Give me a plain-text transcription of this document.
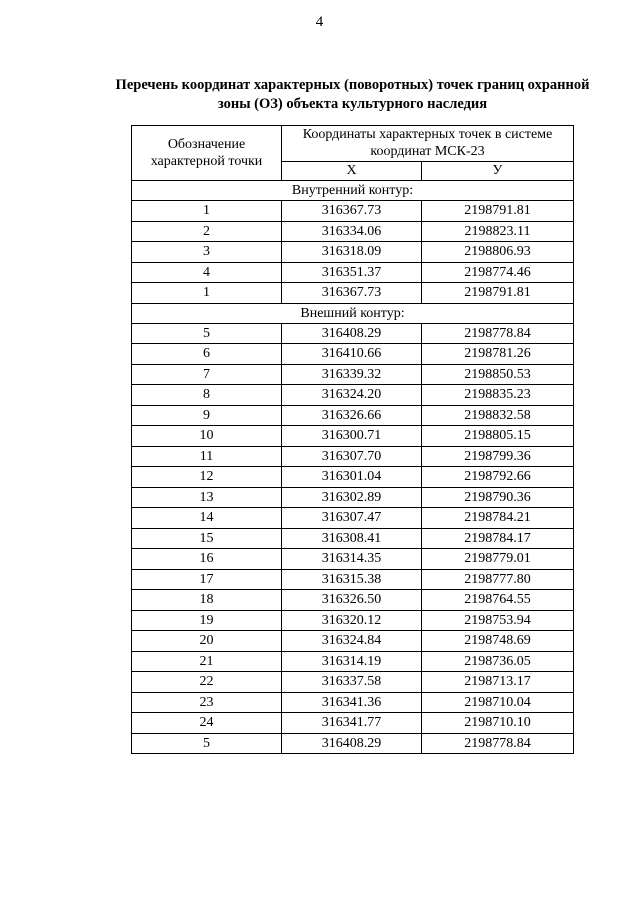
4
Перечень координат характерных (поворотных) точек границ охранной
зоны (ОЗ) объекта культурного наследия
Обозначение характерной точки	Координаты характерных точек в системе координат МСК-23	
	X	У
Внутренний контур:		
1	316367.73	2198791.81
2	316334.06	2198823.11
3	316318.09	2198806.93
4	316351.37	2198774.46
1	316367.73	2198791.81
Внешний контур:		
5	316408.29	2198778.84
6	316410.66	2198781.26
7	316339.32	2198850.53
8	316324.20	2198835.23
9	316326.66	2198832.58
10	316300.71	2198805.15
11	316307.70	2198799.36
12	316301.04	2198792.66
13	316302.89	2198790.36
14	316307.47	2198784.21
15	316308.41	2198784.17
16	316314.35	2198779.01
17	316315.38	2198777.80
18	316326.50	2198764.55
19	316320.12	2198753.94
20	316324.84	2198748.69
21	316314.19	2198736.05
22	316337.58	2198713.17
23	316341.36	2198710.04
24	316341.77	2198710.10
5	316408.29	2198778.84
